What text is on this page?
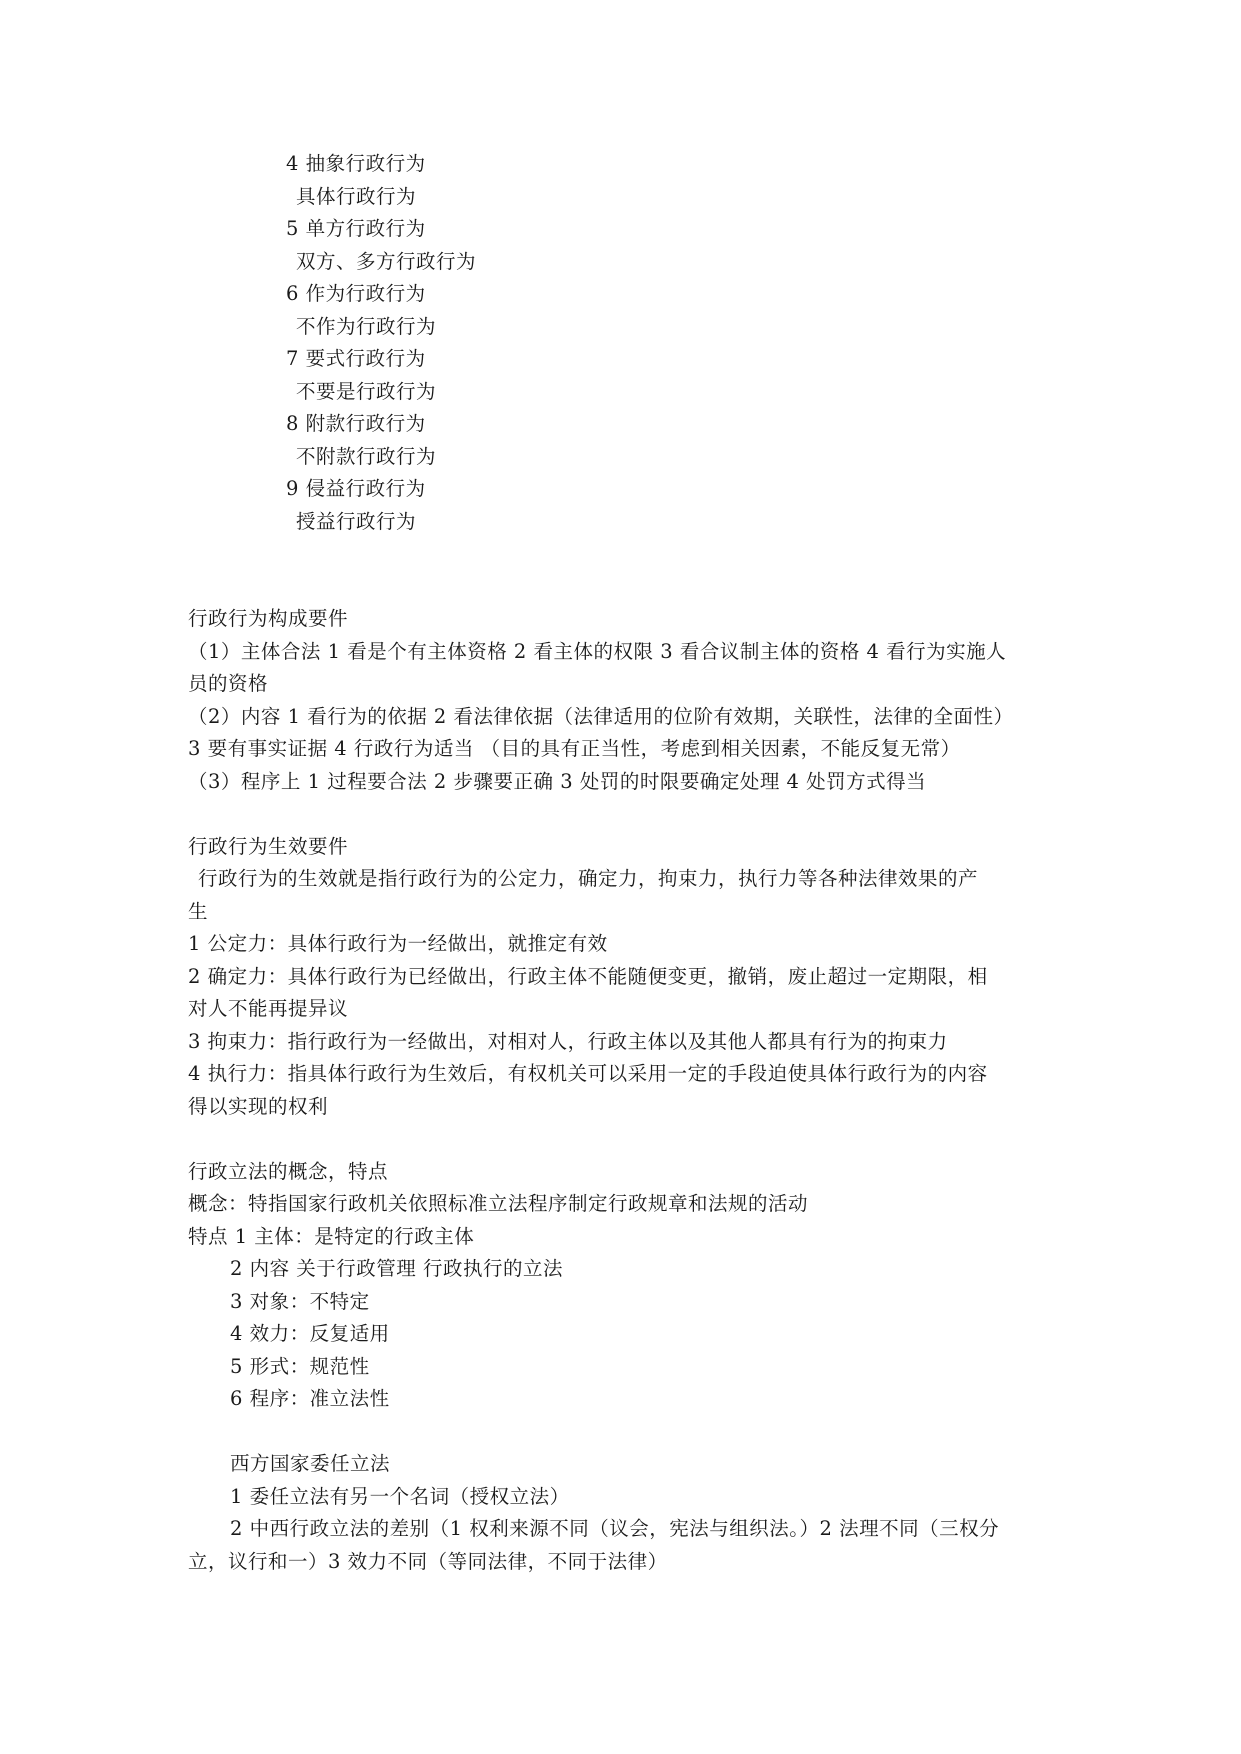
4 抽象行政行为
具体行政行为
5 单方行政行为
双方、多方行政行为
6 作为行政行为
不作为行政行为
7 要式行政行为
不要是行政行为
8 附款行政行为
不附款行政行为
9 侵益行政行为
授益行政行为
行政行为构成要件
（1）主体合法 1 看是个有主体资格 2 看主体的权限 3 看合议制主体的资格 4 看行为实施人
员的资格
（2）内容 1 看行为的依据 2 看法律依据（法律适用的位阶有效期，关联性，法律的全面性）
3 要有事实证据 4 行政行为适当 （目的具有正当性，考虑到相关因素，不能反复无常）
（3）程序上 1 过程要合法 2 步骤要正确 3 处罚的时限要确定处理 4 处罚方式得当
行政行为生效要件
行政行为的生效就是指行政行为的公定力，确定力，拘束力，执行力等各种法律效果的产
生
1 公定力：具体行政行为一经做出，就推定有效
2 确定力：具体行政行为已经做出，行政主体不能随便变更，撤销，废止超过一定期限，相
对人不能再提异议
3 拘束力：指行政行为一经做出，对相对人，行政主体以及其他人都具有行为的拘束力
4 执行力：指具体行政行为生效后，有权机关可以采用一定的手段迫使具体行政行为的内容
得以实现的权利
行政立法的概念，特点
概念：特指国家行政机关依照标准立法程序制定行政规章和法规的活动
特点 1 主体：是特定的行政主体
2 内容 关于行政管理 行政执行的立法
3 对象：不特定
4 效力：反复适用
5 形式：规范性
6 程序：准立法性
西方国家委任立法
1 委任立法有另一个名词（授权立法）
2 中西行政立法的差别（1 权利来源不同（议会，宪法与组织法。）2 法理不同（三权分
立，议行和一）3 效力不同（等同法律，不同于法律）
